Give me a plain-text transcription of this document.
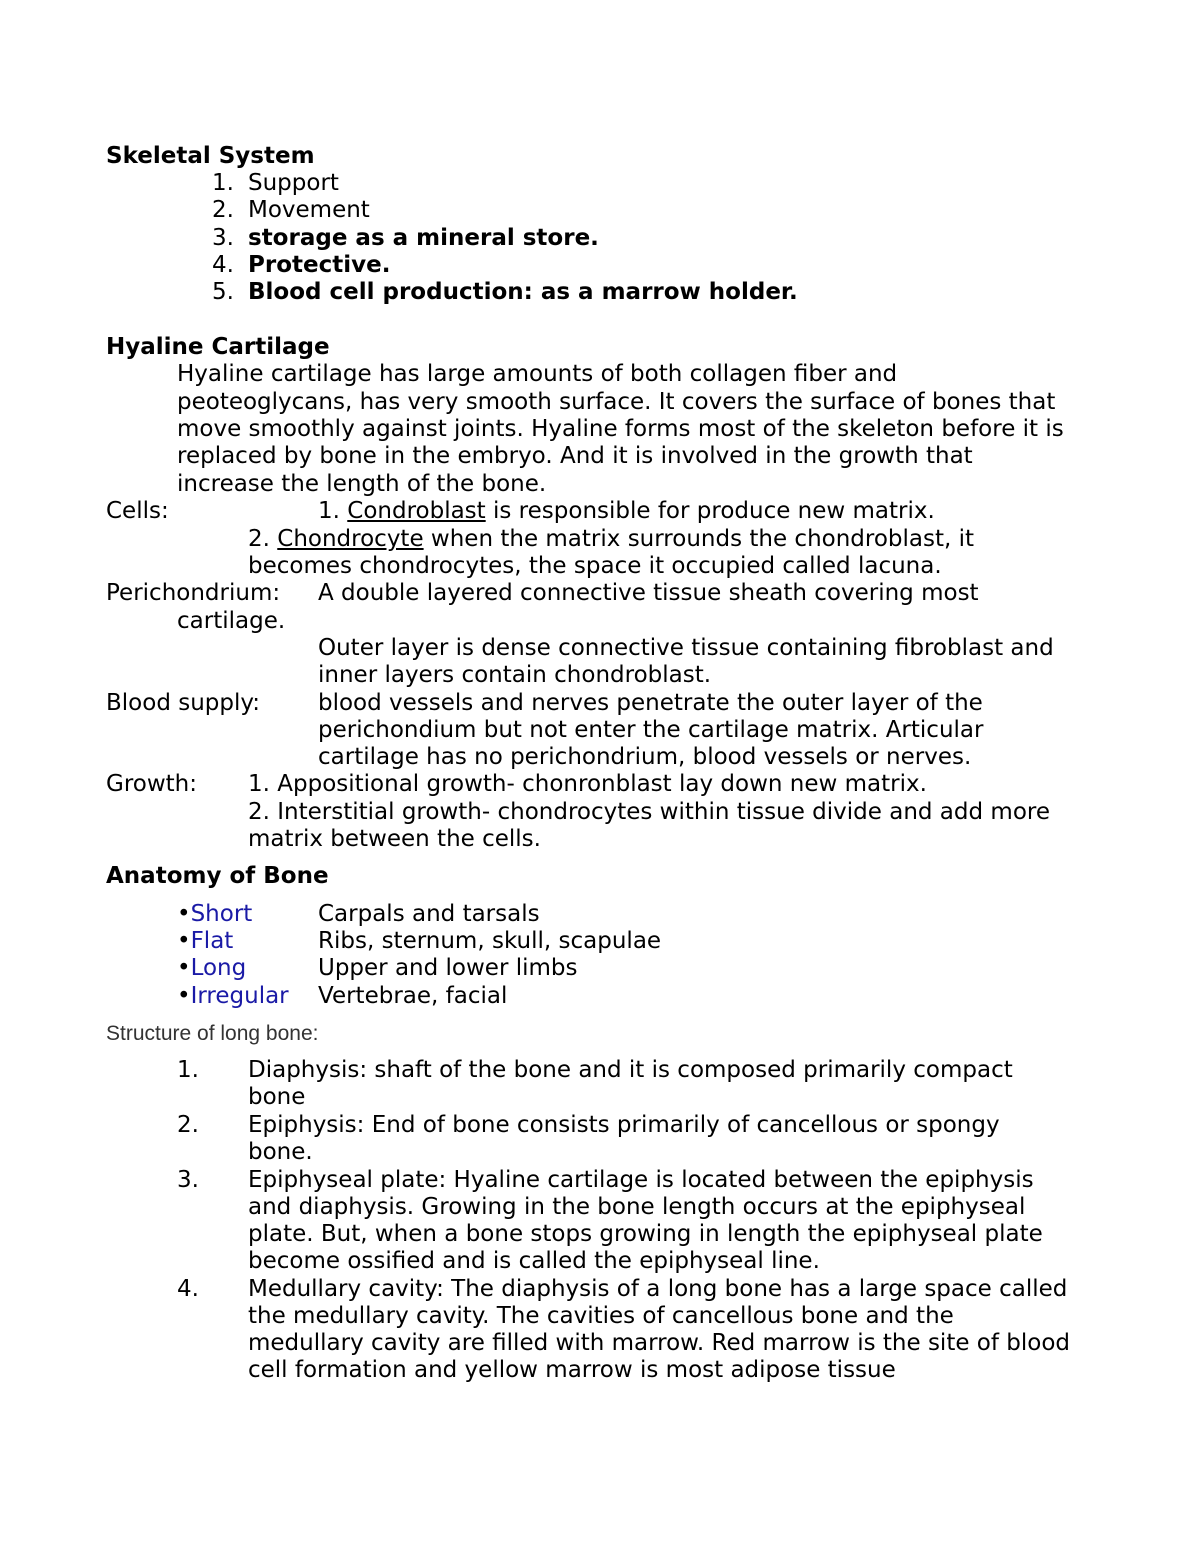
Skeletal System
1. Support
2. Movement
3. storage as a mineral store.
4. Protective.
5. Blood cell production: as a marrow holder.
Hyaline Cartilage
Hyaline cartilage has large amounts of both collagen fiber and
peoteoglycans, has very smooth surface. It covers the surface of bones that
move smoothly against joints. Hyaline forms most of the skeleton before it is
replaced by bone in the embryo. And it is involved in the growth that
increase the length of the bone.
Cells:	1. Condroblast is responsible for produce new matrix.
2. Chondrocyte when the matrix surrounds the chondroblast, it
becomes chondrocytes, the space it occupied called lacuna.
Perichondrium: A double layered connective tissue sheath covering most
cartilage.
Outer layer is dense connective tissue containing fibroblast and
inner layers contain chondroblast.
Blood supply:	blood vessels and nerves penetrate the outer layer of the
perichondium but not enter the cartilage matrix. Articular
cartilage has no perichondrium, blood vessels or nerves.
Growth: 1. Appositional growth- chonronblast lay down new matrix.
2. Interstitial growth- chondrocytes within tissue divide and add more
matrix between the cells.
Anatomy of Bone
•Short	Carpals and tarsals
•Flat	Ribs, sternum, skull, scapulae
•Long	Upper and lower limbs
•Irregular Vertebrae, facial
Structure of long bone:
1. Diaphysis: shaft of the bone and it is composed primarily compact
bone
2. Epiphysis: End of bone consists primarily of cancellous or spongy
bone.
3. Epiphyseal plate: Hyaline cartilage is located between the epiphysis
and diaphysis. Growing in the bone length occurs at the epiphyseal
plate. But, when a bone stops growing in length the epiphyseal plate
become ossified and is called the epiphyseal line.
4. Medullary cavity: The diaphysis of a long bone has a large space called
the medullary cavity. The cavities of cancellous bone and the
medullary cavity are filled with marrow. Red marrow is the site of blood
cell formation and yellow marrow is most adipose tissue
